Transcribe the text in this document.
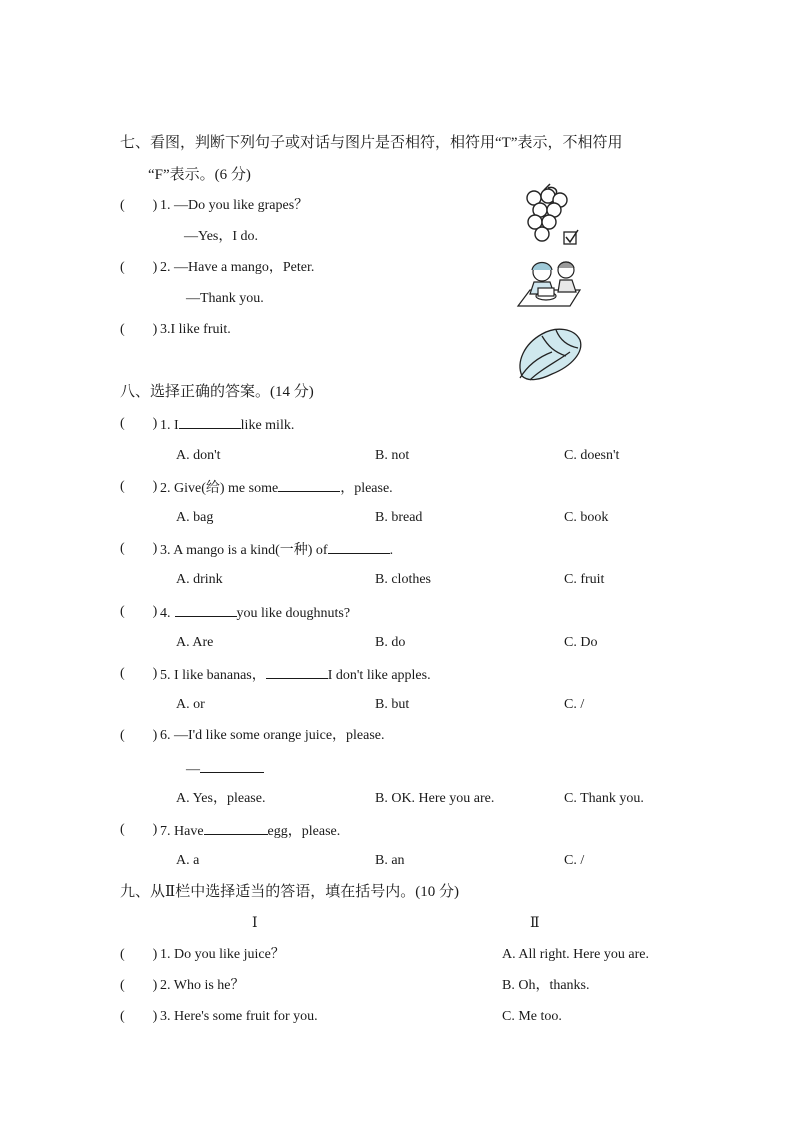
七、看图，判断下列句子或对话与图片是否相符，相符用“T”表示，不相符用
“F”表示。(6 分)
(　　) 1. —Do you like grapes？
—Yes，I do.
(　　) 2. —Have a mango，Peter.
—Thank you.
(　　) 3.I like fruit.
八、选择正确的答案。(14 分)
(　　) 1. I	like milk.
A. don't	B. not	C. doesn't
(　　) 2. Give(给) me some	，please.
A. bag	B. bread	C. book
(　　) 3. A mango is a kind(一种) of	.
A. drink	B. clothes	C. fruit
(　　) 4.	you like doughnuts?
A. Are	B. do	C. Do
(　　) 5. I like bananas，	I don't like apples.
A. or	B. but	C. /
(　　) 6. —I'd like some orange juice，please.
—
A. Yes，please.	B. OK. Here you are.	C. Thank you.
(　　) 7. Have	egg，please.
A. a	B. an	C. /
九、从Ⅱ栏中选择适当的答语，填在括号内。(10 分)
Ⅰ	Ⅱ
(　　) 1. Do you like juice？	A. All right. Here you are.
(　　) 2. Who is he？	B. Oh，thanks.
(　　) 3. Here's some fruit for you.	C. Me too.
